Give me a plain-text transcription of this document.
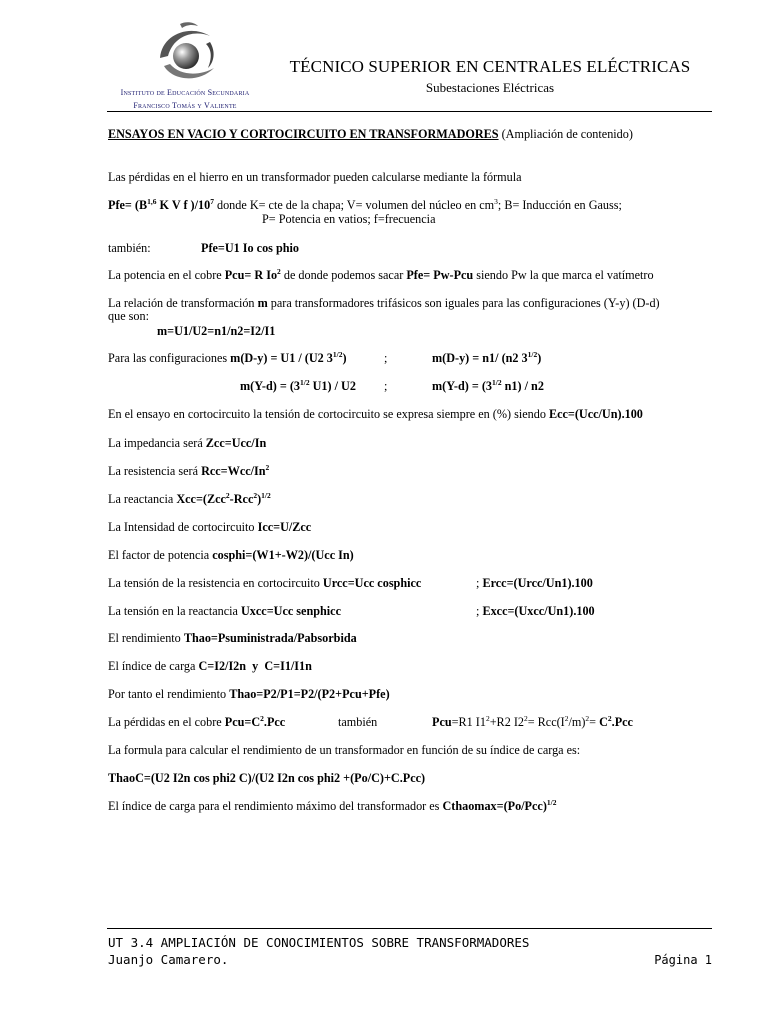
Instituto de Educación Secundaria
Francisco Tomás y Valiente
TÉCNICO SUPERIOR EN CENTRALES ELÉCTRICAS
Subestaciones Eléctricas
ENSAYOS EN VACIO Y CORTOCIRCUITO EN TRANSFORMADORES (Ampliación de contenido)
Las pérdidas en el hierro en un transformador pueden calcularse mediante la fórmula
$Pfe= (B^{1,6}$ K V f )$/10^7$ donde K= cte de la chapa; V= volumen del núcleo en $cm^3$; B= Inducción en Gauss;
P= Potencia en vatios; f=frecuencia
también:	Pfe=U1 Io cos phio
La potencia en el cobre Pcu= R Io$^2$ de donde podemos sacar Pfe= Pw-Pcu siendo Pw la que marca el vatímetro
La relación de transformación m para transformadores trifásicos son iguales para las configuraciones (Y-y) (D-d)
que son:
m=U1/U2=n1/n2=I2/I1
Para las configuraciones m(D-y) = U1 / (U2 $3^{1/2}$)	;	m(D-y) = n1/ (n2 $3^{1/2}$)
$m(Y-d) = (3^{1/2}$ U1) / U2 ;	$m(Y-d) = (3^{1/2}$ n1) / n2
En el ensayo en cortocircuito la tensión de cortocircuito se expresa siempre en (%) siendo Ecc=(Ucc/Un).100
La impedancia será Zcc=Ucc/In
La resistencia será $Rcc=Wcc/In^2$
La reactancia $Xcc=(Zcc^2-Rcc^2)^{1/2}$
La Intensidad de cortocircuito Icc=U/Zcc
El factor de potencia cosphi=(W1+-W2)/(Ucc In)
La tensión de la resistencia en cortocircuito Urcc=Ucc cosphicc	; Ercc=(Urcc/Un1).100
La tensión en la reactancia Uxcc=Ucc senphicc	; Excc=(Uxcc/Un1).100
El rendimiento Thao=Psuministrada/Pabsorbida
El índice de carga C=I2/I2n  y  C=I1/I1n
Por tanto el rendimiento Thao=P2/P1=P2/(P2+Pcu+Pfe)
La pérdidas en el cobre $Pcu=C^2.Pcc$	también	Pcu=R1 $I1^2+R2$ $I2^2= Rcc(I^2/m)^2= C^2.Pcc$
La formula para calcular el rendimiento de un transformador en función de su índice de carga es:
ThaoC=(U2 I2n cos phi2 C)/(U2 I2n cos phi2 +(Po/C)+C.Pcc)
El índice de carga para el rendimiento máximo del transformador es $Cthaomax=(Po/Pcc)^{1/2}$
UT 3.4 AMPLIACIÓN DE CONOCIMIENTOS SOBRE TRANSFORMADORES
Juanjo Camarero.	Página 1
